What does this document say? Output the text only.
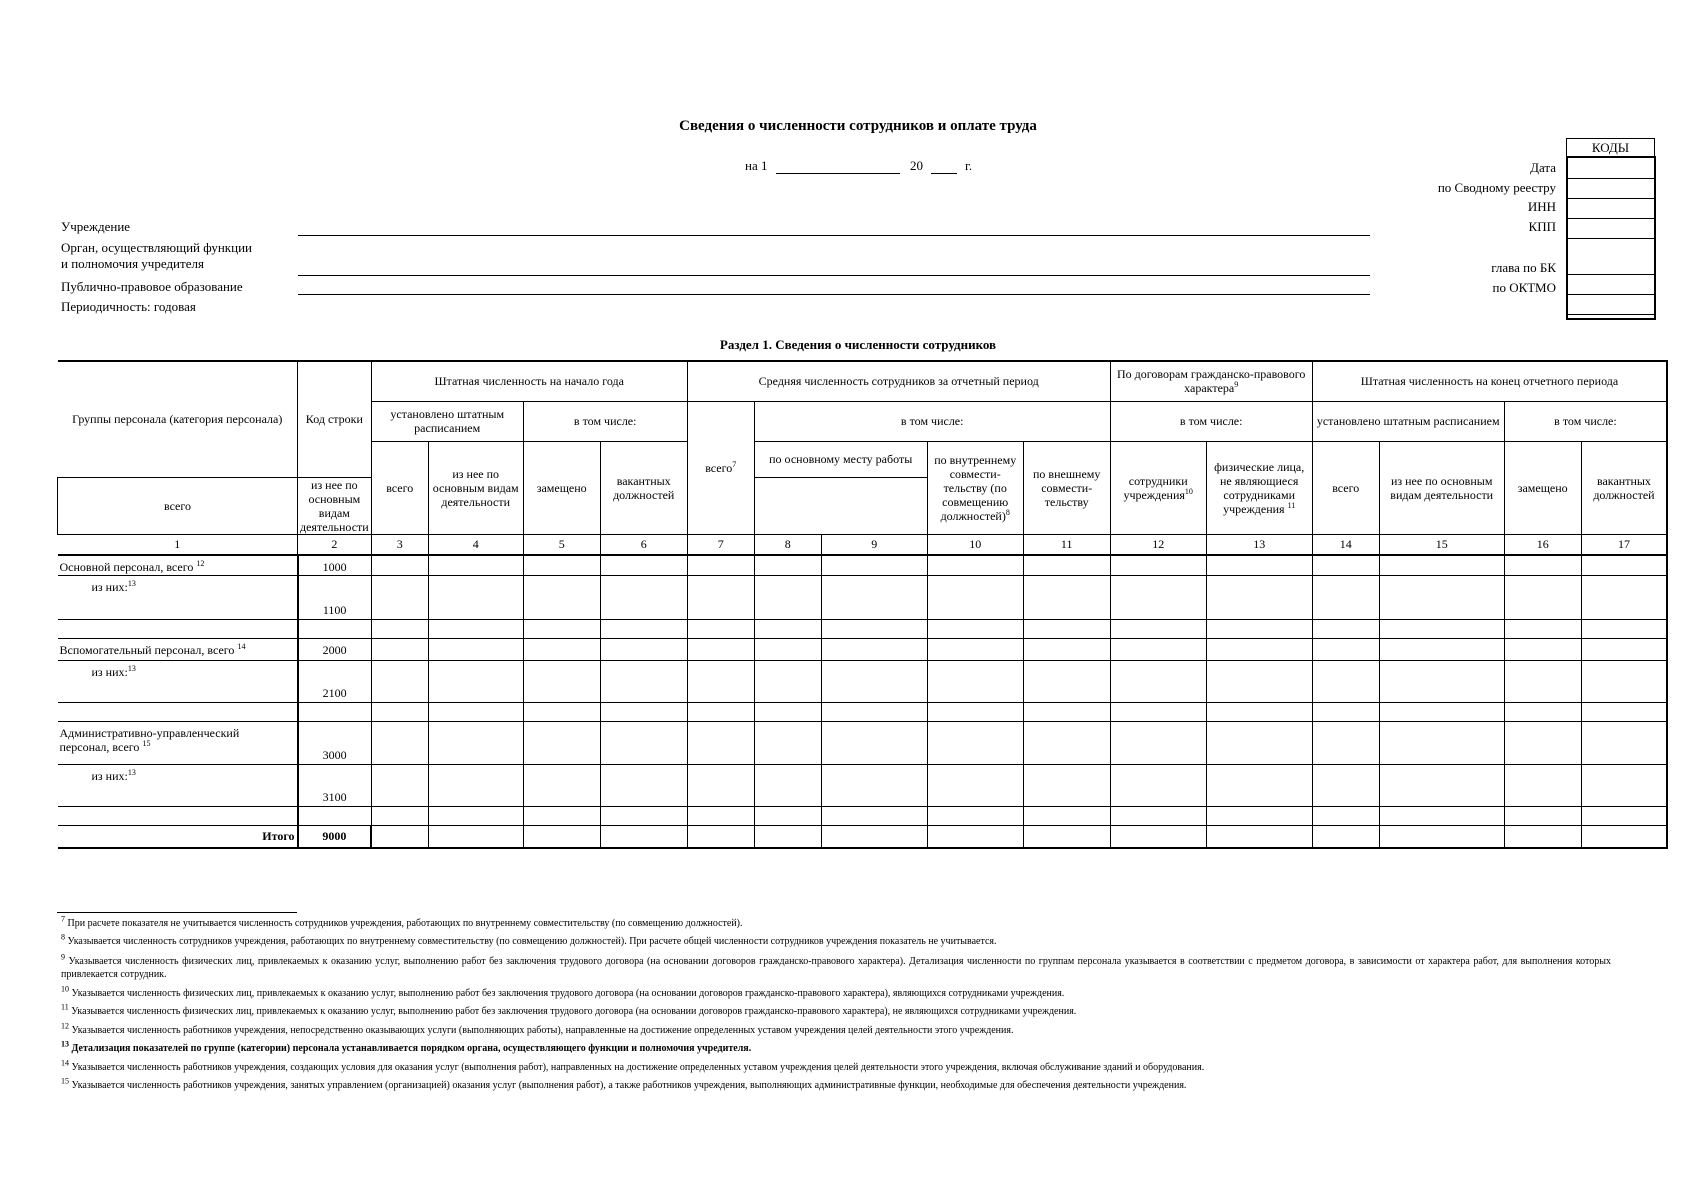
Сведения о численности сотрудников и оплате труда
на 1	20	г.
КОДЫ
Дата
по Сводному реестру
ИНН
КПП
глава по БК
по ОКТМО
Учреждение
Орган, осуществляющий функции
и полномочия учредителя
Публично-правовое образование
Периодичность: годовая
Раздел 1. Сведения о численности сотрудников
Группы персонала (категория персонала)	Код строки	Штатная численность на начало года				Средняя численность сотрудников за отчетный период					По договорам гражданско-правового характера$^9$		Штатная численность на конец отчетного периода			
		установлено штатным расписанием		в том числе:		всего$^7$	в том числе:				в том числе:		установлено штатным расписанием		в том числе:	
		всего	из нее по основным видам деятельности	замещено	вакантных должностей		по основному месту работы		по внутреннему совмести-тельству (по совмещению должностей)$^8$	по внешнему совмести-тельству	сотрудники учреждения$^{10}$	физические лица, не являющиеся сотрудниками учреждения $^{11}$	всего	из нее по основным видам деятельности	замещено	вакантных должностей
всего	из нее по основным видам деятельности															
1	2	3	4	5	6	7	8	9	10	11	12	13	14	15	16	17
Основной персонал, всего $^{12}$	1000															
из них:$^{13}$	1100															

Вспомогательный персонал, всего $^{14}$	2000															
из них:$^{13}$	2100															

Административно-управленческий
персонал, всего $^{15}$	3000															
из них:$^{13}$	3100															

Итого	9000															
$^7$ При расчете показателя не учитывается численность сотрудников учреждения, работающих по внутреннему совместительству (по совмещению должностей).
$^8$ Указывается численность сотрудников учреждения, работающих по внутреннему совместительству (по совмещению должностей). При расчете общей численности сотрудников учреждения показатель не учитывается.
$^9$ Указывается численность физических лиц, привлекаемых к оказанию услуг, выполнению работ без заключения трудового договора (на основании договоров гражданско-правового характера). Детализация численности по группам персонала указывается в соответствии с предметом договора, в зависимости от характера работ, для выполнения которых привлекается сотрудник.
$^{10}$ Указывается численность физических лиц, привлекаемых к оказанию услуг, выполнению работ без заключения трудового договора (на основании договоров гражданско-правового характера), являющихся сотрудниками учреждения.
$^{11}$ Указывается численность физических лиц, привлекаемых к оказанию услуг, выполнению работ без заключения трудового договора (на основании договоров гражданско-правового характера), не являющихся сотрудниками учреждения.
$^{12}$ Указывается численность работников учреждения, непосредственно оказывающих услуги (выполняющих работы), направленные на достижение определенных уставом учреждения целей деятельности этого учреждения.
$^{13}$ Детализация показателей по группе (категории) персонала устанавливается порядком органа, осуществляющего функции и полномочия учредителя.
$^{14}$ Указывается численность работников учреждения, создающих условия для оказания услуг (выполнения работ), направленных на достижение определенных уставом учреждения целей деятельности этого учреждения, включая обслуживание зданий и оборудования.
$^{15}$ Указывается численность работников учреждения, занятых управлением (организацией) оказания услуг (выполнения работ), а также работников учреждения, выполняющих административные функции, необходимые для обеспечения деятельности учреждения.
